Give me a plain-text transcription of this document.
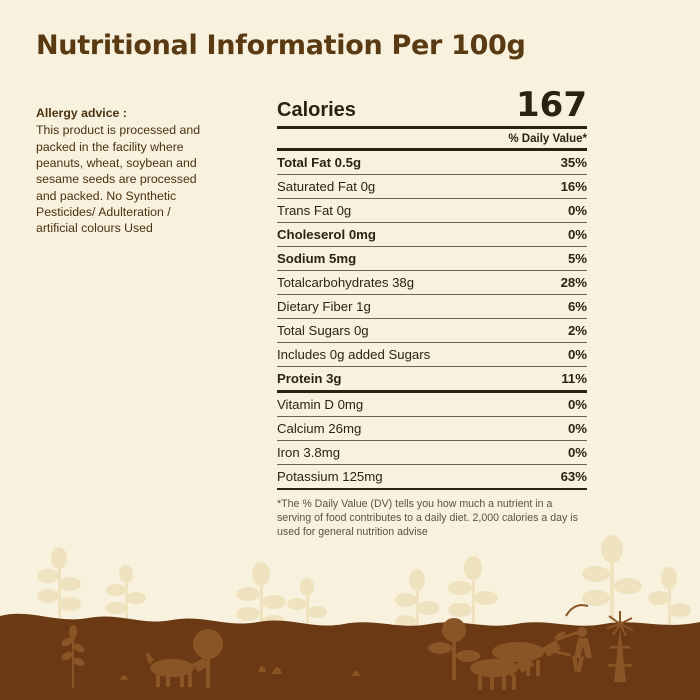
Nutritional Information Per 100g
Allergy advice :
This product is processed and packed in the facility where peanuts, wheat, soybean and sesame seeds are processed and packed. No Synthetic Pesticides/ Adulteration / artificial colours Used
Calories	167
% Daily Value*
Total Fat 0.5g	35%
Saturated Fat 0g	16%
Trans Fat 0g	0%
Choleserol 0mg	0%
Sodium 5mg	5%
Totalcarbohydrates 38g	28%
Dietary Fiber 1g	6%
Total Sugars 0g	2%
Includes 0g added Sugars	0%
Protein 3g	11%
Vitamin D 0mg	0%
Calcium 26mg	0%
Iron 3.8mg	0%
Potassium 125mg	63%
*The % Daily Value (DV) tells you how much a nutrient in a serving of food contributes to a daily diet. 2,000 calories a day is used for general nutrition advise
